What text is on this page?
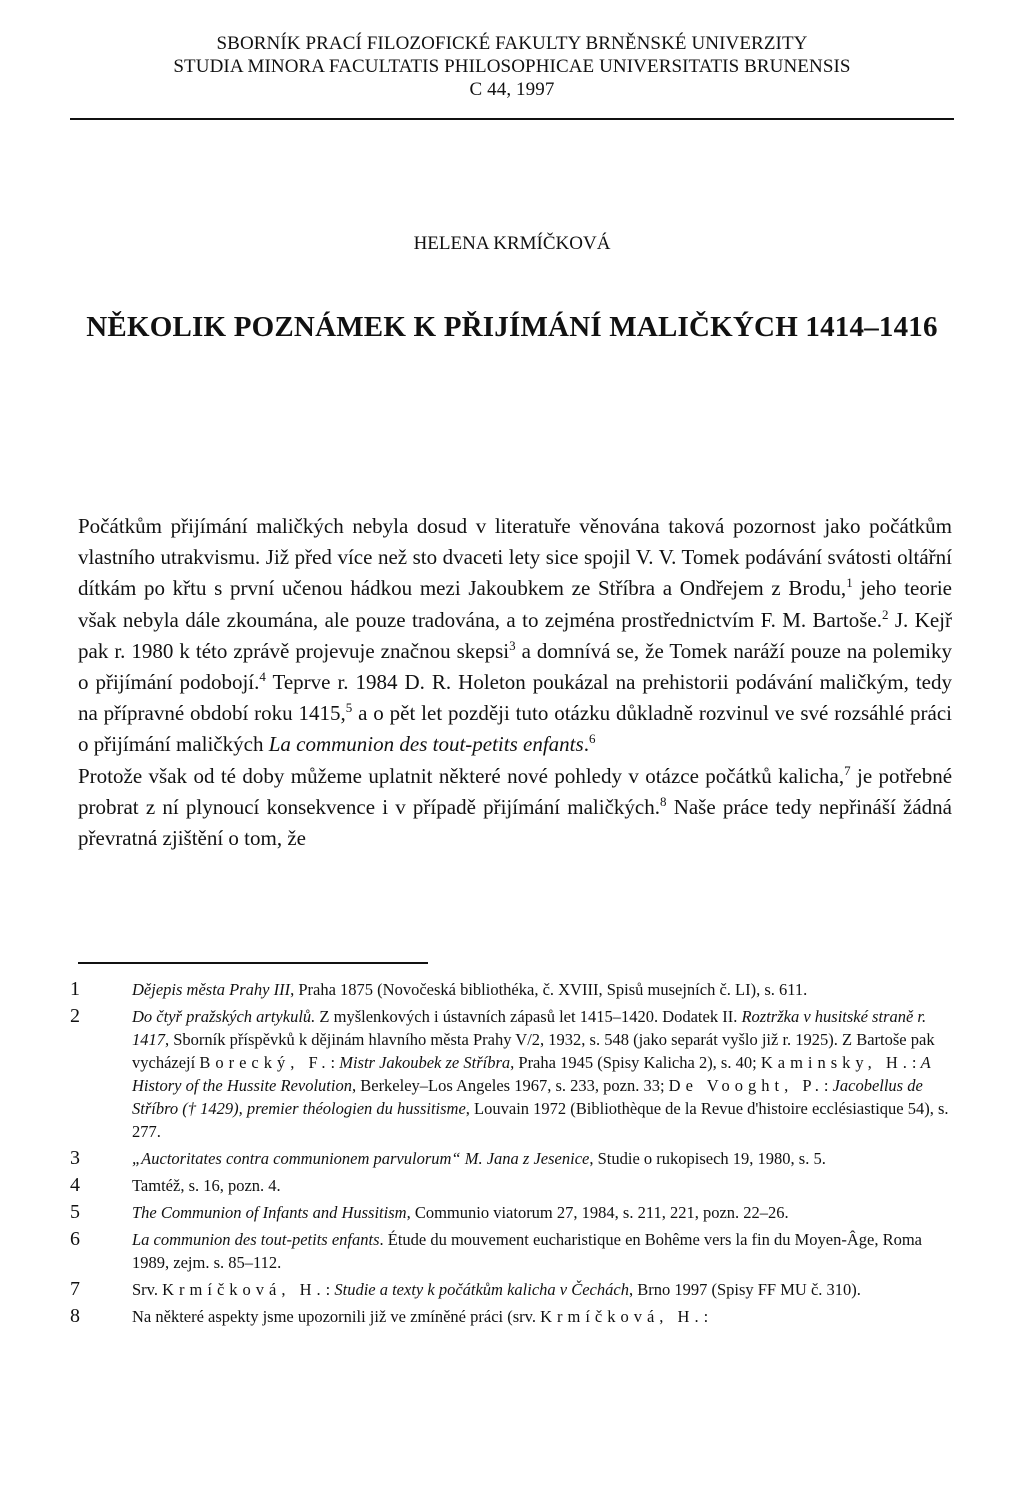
SBORNÍK PRACÍ FILOZOFICKÉ FAKULTY BRNĚNSKÉ UNIVERZITY
STUDIA MINORA FACULTATIS PHILOSOPHICAE UNIVERSITATIS BRUNENSIS
C 44, 1997
HELENA KRMÍČKOVÁ
NĚKOLIK POZNÁMEK K PŘIJÍMÁNÍ MALIČKÝCH 1414–1416

Počátkům přijímání maličkých nebyla dosud v literatuře věnována taková pozornost jako počátkům vlastního utrakvismu. Již před více než sto dvaceti lety sice spojil V. V. Tomek podávání svátosti oltářní dítkám po křtu s první učenou hádkou mezi Jakoubkem ze Stříbra a Ondřejem z Brodu,$^1$ jeho teorie však nebyla dále zkoumána, ale pouze tradována, a to zejména prostřednictvím F. M. Bartoše.$^2$ J. Kejř pak r. 1980 k této zprávě projevuje značnou skepsi$^3$ a domnívá se, že Tomek naráží pouze na polemiky o přijímání podobojí.$^4$ Teprve r. 1984 D. R. Holeton poukázal na prehistorii podávání maličkým, tedy na přípravné období roku 1415,$^5$ a o pět let později tuto otázku důkladně rozvinul ve své rozsáhlé práci o přijímání maličkých La communion des tout-petits enfants.$^6$

Protože však od té doby můžeme uplatnit některé nové pohledy v otázce počátků kalicha,$^7$ je potřebné probrat z ní plynoucí konsekvence i v případě přijímání maličkých.$^8$ Naše práce tedy nepřináší žádná převratná zjištění o tom, že

1	Dějepis města Prahy III, Praha 1875 (Novočeská bibliothéka, č. XVIII, Spisů musejních č. LI), s. 611.
2	Do čtyř pražských artykulů. Z myšlenkových i ústavních zápasů let 1415–1420. Dodatek II. Roztržka v husitské straně r. 1417, Sborník příspěvků k dějinám hlavního města Prahy V/2, 1932, s. 548 (jako separát vyšlo již r. 1925). Z Bartoše pak vycházejí Borecký, F.: Mistr Jakoubek ze Stříbra, Praha 1945 (Spisy Kalicha 2), s. 40; Kaminsky, H.: A History of the Hussite Revolution, Berkeley–Los Angeles 1967, s. 233, pozn. 33; De Vooght, P.: Jacobellus de Stříbro († 1429), premier théologien du hussitisme, Louvain 1972 (Bibliothèque de la Revue d'histoire ecclésiastique 54), s. 277.
3	„Auctoritates contra communionem parvulorum“ M. Jana z Jesenice, Studie o rukopisech 19, 1980, s. 5.
4	Tamtéž, s. 16, pozn. 4.
5	The Communion of Infants and Hussitism, Communio viatorum 27, 1984, s. 211, 221, pozn. 22–26.
6	La communion des tout-petits enfants. Étude du mouvement eucharistique en Bohême vers la fin du Moyen-Âge, Roma 1989, zejm. s. 85–112.
7	Srv. Krmíčková, H.: Studie a texty k počátkům kalicha v Čechách, Brno 1997 (Spisy FF MU č. 310).
8	Na některé aspekty jsme upozornili již ve zmíněné práci (srv. Krmíčková, H.:
